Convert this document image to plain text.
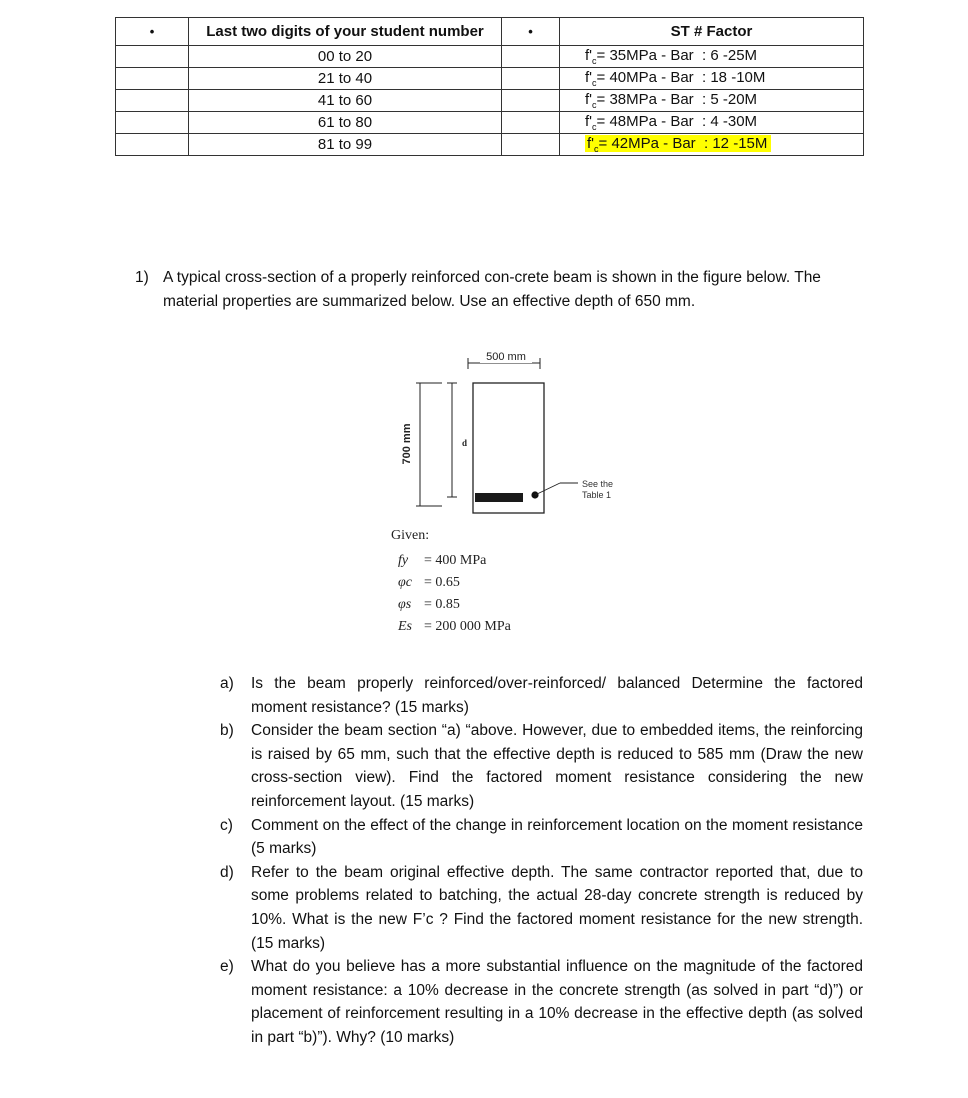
•	Last two digits of your student number	•	ST # Factor
	00 to 20		$f'_c= 35MPa$ - Bar  : 6 -25M
	21 to 40		$f'_c= 40MPa$ - Bar  : 18 -10M
	41 to 60		$f'_c= 38MPa$ - Bar  : 5 -20M
	61 to 80		$f'_c= 48MPa$ - Bar  : 4 -30M
	81 to 99		$f'_c= 42MPa$ - Bar  : 12 -15M
1) A typical cross-section of a properly reinforced con-crete beam is shown in the figure below. The material properties are summarized below. Use an effective depth of 650 mm.
500 mm
See the
Table 1
700 mm	d
Given:
fy = 400 MPa
φc = 0.65
φs = 0.85
Es = 200 000 MPa
a) Is the beam properly reinforced/over-reinforced/ balanced Determine the factored moment resistance? (15 marks)
b) Consider the beam section “a) “above. However, due to embedded items, the reinforcing is raised by 65 mm, such that the effective depth is reduced to 585 mm (Draw the new cross-section view). Find the factored moment resistance considering the new reinforcement layout. (15 marks)
c) Comment on the effect of the change in reinforcement location on the moment resistance (5 marks)
d) Refer to the beam original effective depth. The same contractor reported that, due to some problems related to batching, the actual 28-day concrete strength is reduced by 10%. What is the new F’c ? Find the factored moment resistance for the new strength. (15 marks)
e) What do you believe has a more substantial influence on the magnitude of the factored moment resistance: a 10% decrease in the concrete strength (as solved in part “d)”) or placement of reinforcement resulting in a 10% decrease in the effective depth (as solved in part “b)”). Why? (10 marks)
